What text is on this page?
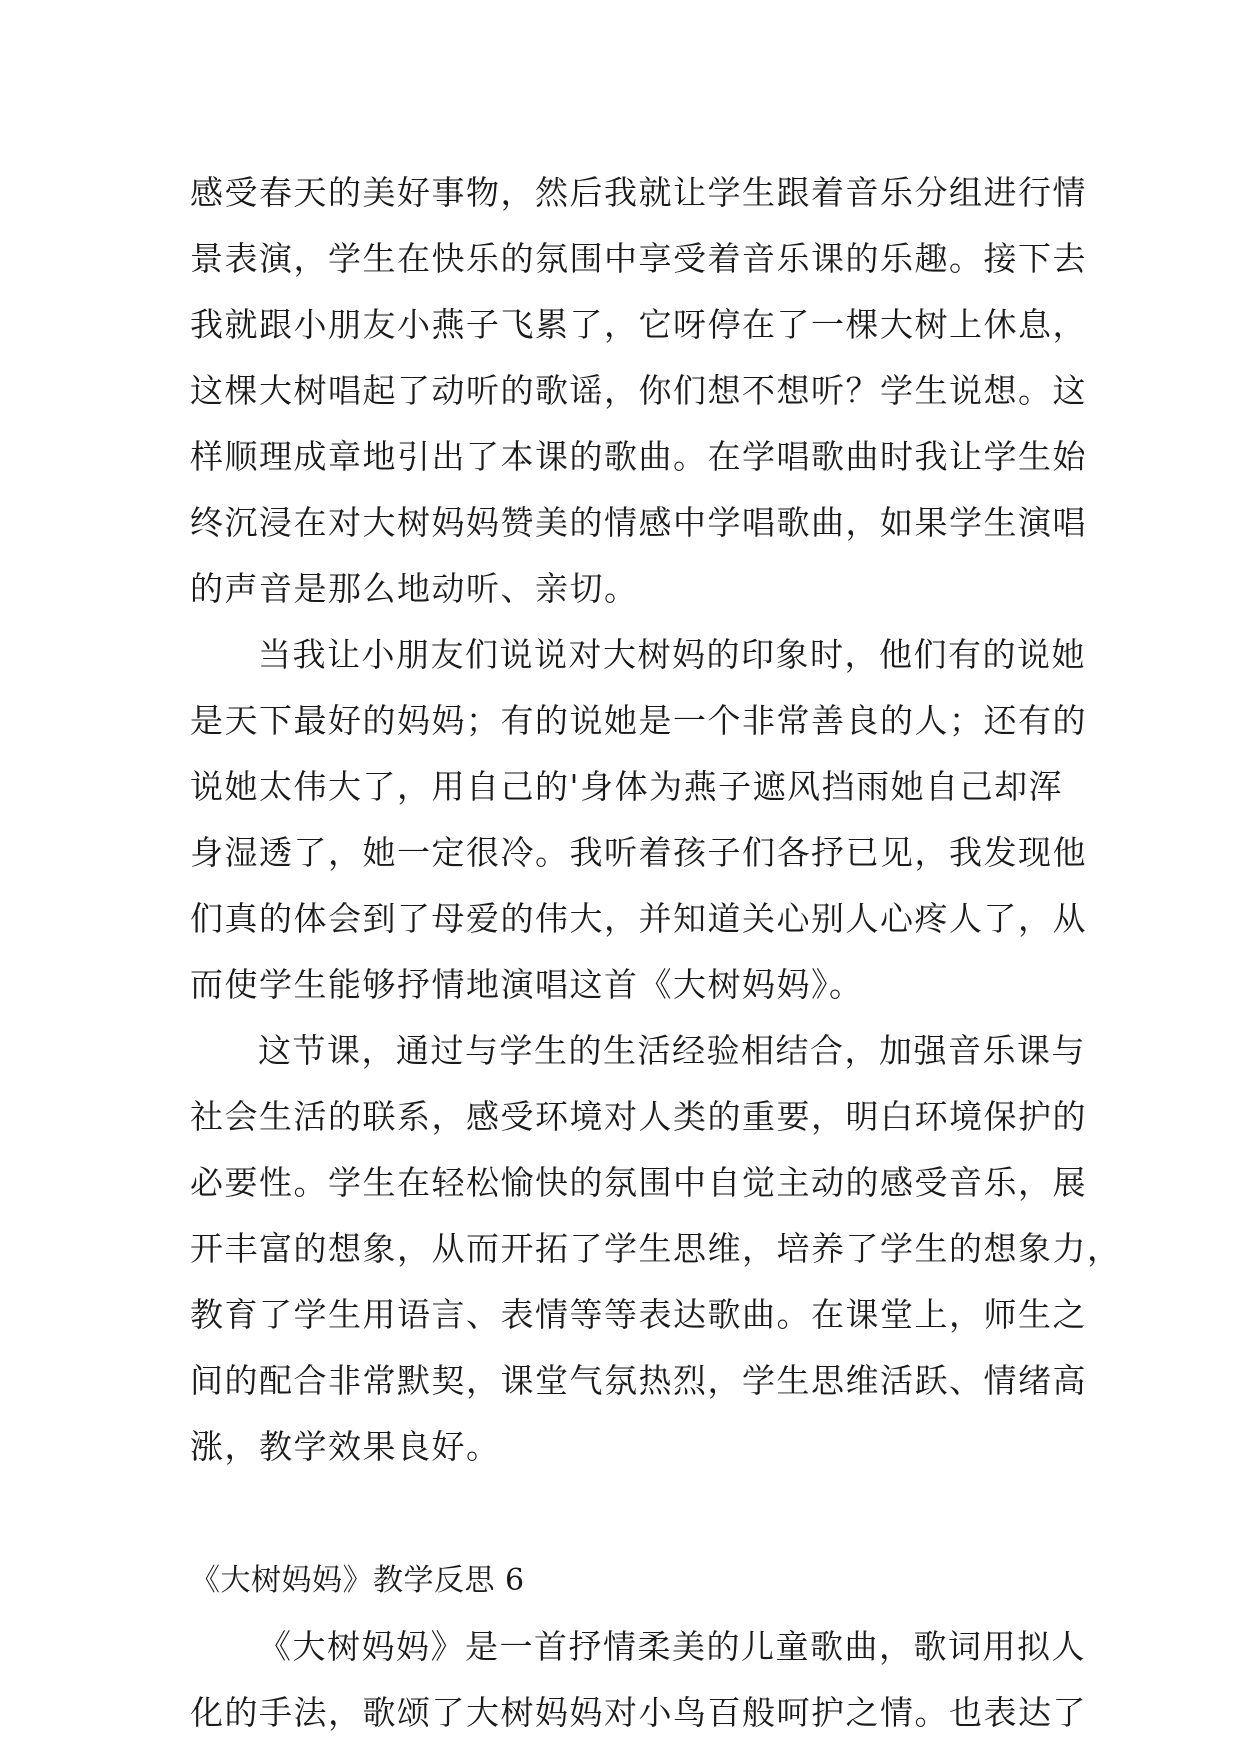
感受春天的美好事物，然后我就让学生跟着音乐分组进行情
景表演，学生在快乐的氛围中享受着音乐课的乐趣。接下去
我就跟小朋友小燕子飞累了，它呀停在了一棵大树上休息，
这棵大树唱起了动听的歌谣，你们想不想听？学生说想。这
样顺理成章地引出了本课的歌曲。在学唱歌曲时我让学生始
终沉浸在对大树妈妈赞美的情感中学唱歌曲，如果学生演唱
的声音是那么地动听、亲切。
当我让小朋友们说说对大树妈的印象时，他们有的说她
是天下最好的妈妈；有的说她是一个非常善良的人；还有的
说她太伟大了，用自己的'身体为燕子遮风挡雨她自己却浑
身湿透了，她一定很冷。我听着孩子们各抒已见，我发现他
们真的体会到了母爱的伟大，并知道关心别人心疼人了，从
而使学生能够抒情地演唱这首《大树妈妈》。
这节课，通过与学生的生活经验相结合，加强音乐课与
社会生活的联系，感受环境对人类的重要，明白环境保护的
必要性。学生在轻松愉快的氛围中自觉主动的感受音乐，展
开丰富的想象，从而开拓了学生思维，培养了学生的想象力，
教育了学生用语言、表情等等表达歌曲。在课堂上，师生之
间的配合非常默契，课堂气氛热烈，学生思维活跃、情绪高
涨，教学效果良好。
《大树妈妈》教学反思 6
《大树妈妈》是一首抒情柔美的儿童歌曲，歌词用拟人
化的手法，歌颂了大树妈妈对小鸟百般呵护之情。也表达了
